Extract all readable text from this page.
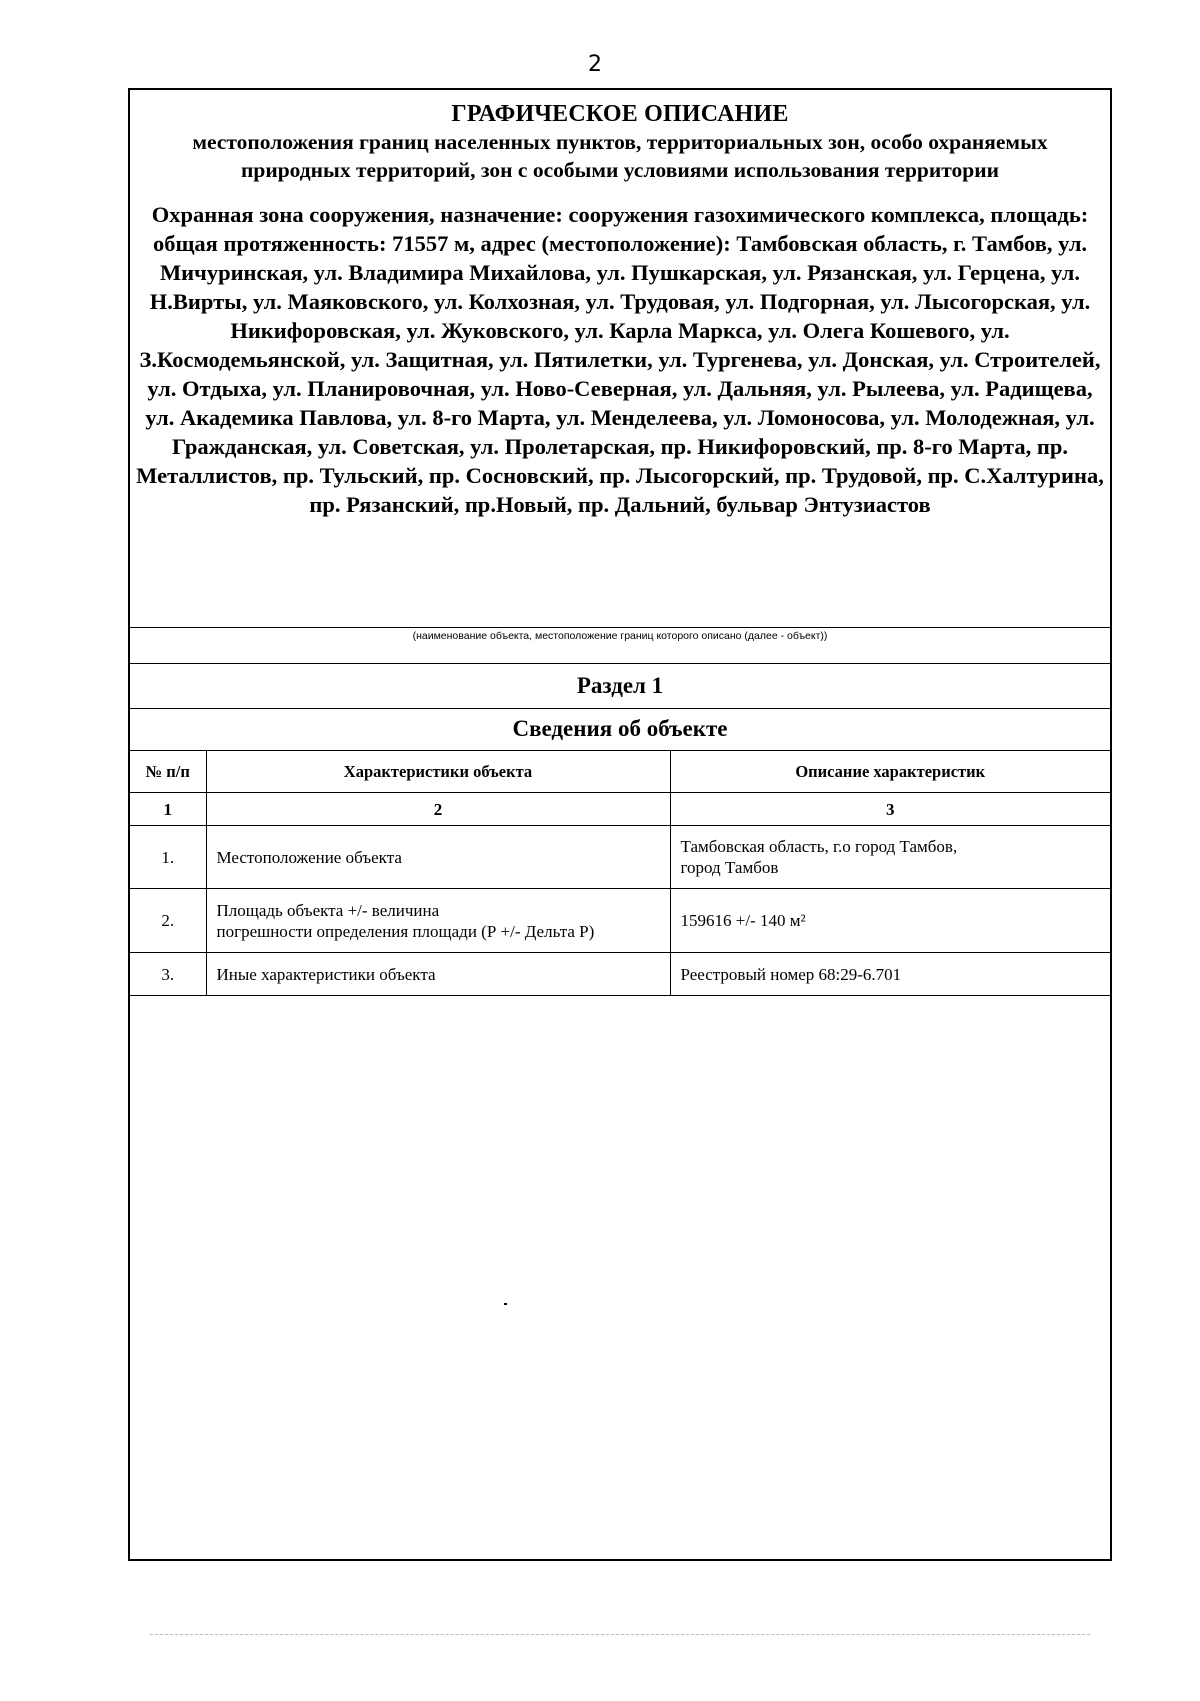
2
ГРАФИЧЕСКОЕ ОПИСАНИЕ
местоположения границ населенных пунктов, территориальных зон, особо охраняемых природных территорий, зон с особыми условиями использования территории
Охранная зона сооружения, назначение: сооружения газохимического комплекса, площадь: общая протяженность: 71557 м, адрес (местоположение): Тамбовская область, г. Тамбов, ул. Мичуринская, ул. Владимира Михайлова, ул. Пушкарская, ул. Рязанская, ул. Герцена, ул. Н.Вирты, ул. Маяковского, ул. Колхозная, ул. Трудовая, ул. Подгорная, ул. Лысогорская, ул. Никифоровская, ул. Жуковского, ул. Карла Маркса, ул. Олега Кошевого, ул. З.Космодемьянской, ул. Защитная, ул. Пятилетки, ул. Тургенева, ул. Донская, ул. Строителей, ул. Отдыха, ул. Планировочная, ул. Ново-Северная, ул. Дальняя, ул. Рылеева, ул. Радищева, ул. Академика Павлова, ул. 8-го Марта, ул. Менделеева, ул. Ломоносова, ул. Молодежная, ул. Гражданская, ул. Советская, ул. Пролетарская, пр. Никифоровский, пр. 8-го Марта, пр. Металлистов, пр. Тульский, пр. Сосновский, пр. Лысогорский, пр. Трудовой, пр. С.Халтурина, пр. Рязанский, пр.Новый, пр. Дальний, бульвар Энтузиастов
(наименование объекта, местоположение границ которого описано (далее - объект))
Раздел 1
Сведения об объекте
№ п/п	Характеристики объекта	Описание характеристик
1	2	3
1.	Местоположение объекта	Тамбовская область, г.о город Тамбов,
город Тамбов

2.	Площадь объекта +/- величина
погрешности определения площади (Р +/- Дельта Р)	159616 +/- 140 м²
3.	Иные характеристики объекта	Реестровый номер 68:29-6.701
